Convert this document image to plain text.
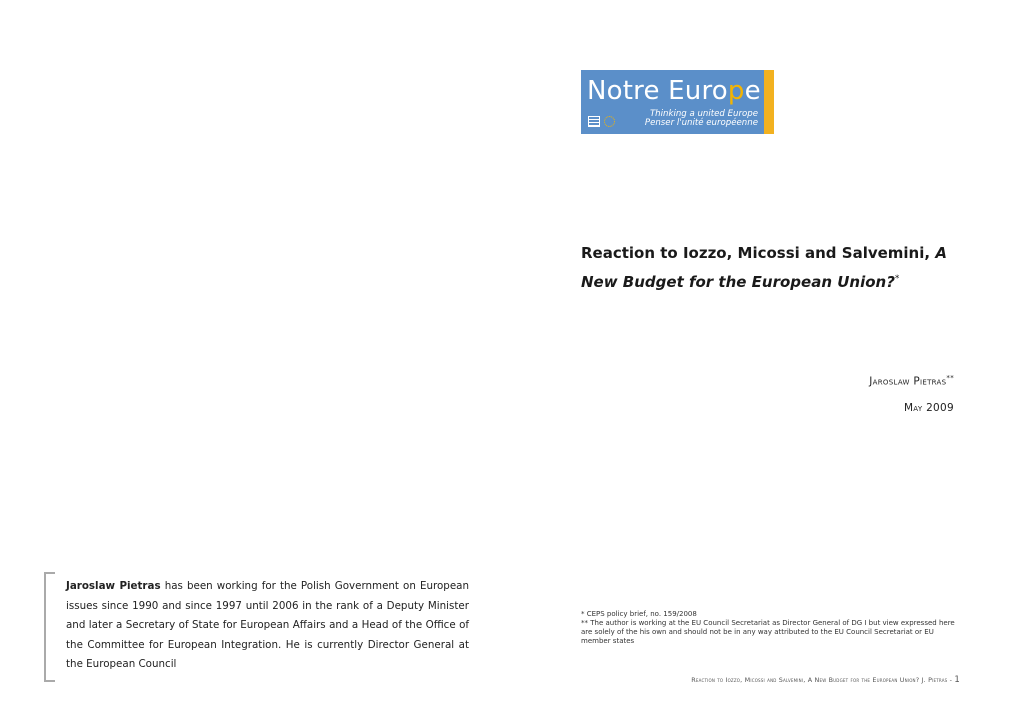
Notre Europe
Thinking a united Europe
Penser l'unité européenne
Reaction to Iozzo, Micossi and Salvemini, A New Budget for the European Union?*
Jaroslaw Pietras**
May 2009
Jaroslaw Pietras has been working for the Polish Government on European issues since 1990 and since 1997 until 2006 in the rank of a Deputy Minister and later a Secretary of State for European Affairs and a Head of the Office of the Committee for European Integration. He is currently Director General at the European Council
* CEPS policy brief, no. 159/2008
** The author is working at the EU Council Secretariat as Director General of DG I but view expressed here are solely of the his own and should not be in any way attributed to the EU Council Secretariat or EU member states
Reaction to Iozzo, Micossi and Salvemini, A New Budget for the European Union? J. Pietras - 1
